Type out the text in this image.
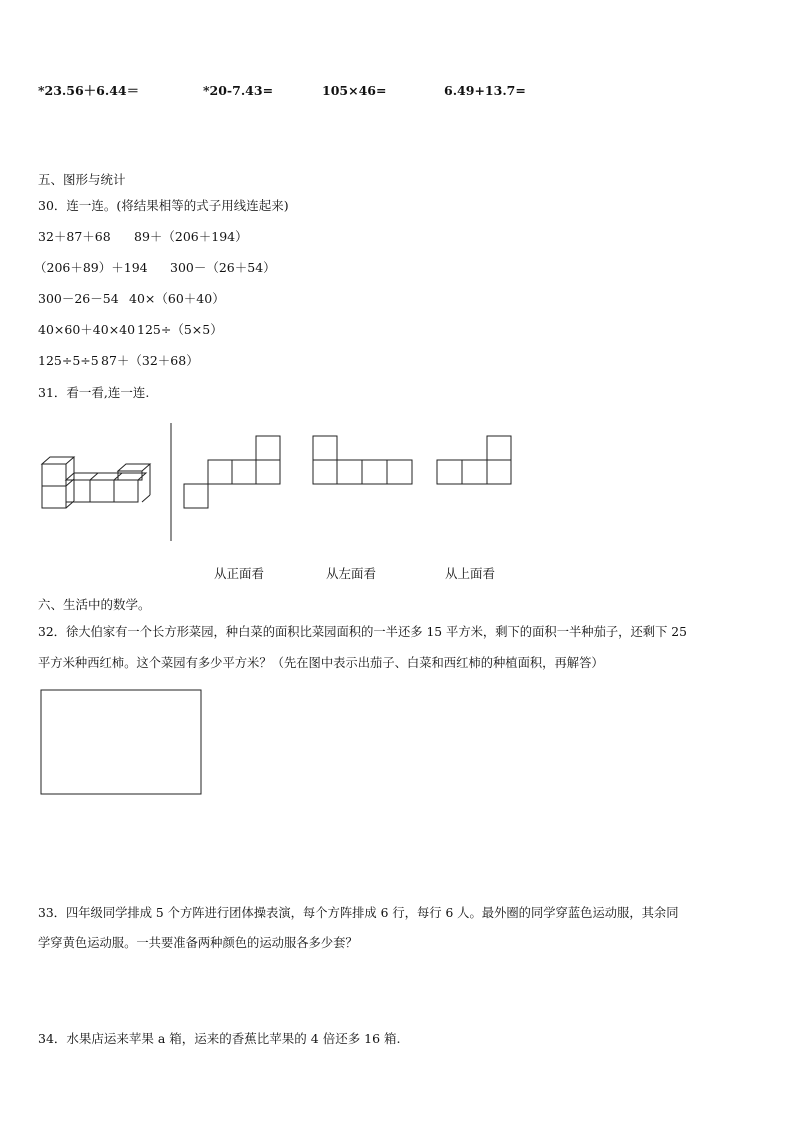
*23.56＋6.44＝	*20-7.43=	105×46=	6.49+13.7=
五、图形与统计
30．连一连。(将结果相等的式子用线连起来)
32＋87＋68 89＋（206＋194）
（206＋89）＋194 300－（26＋54）
300－26－54 40×（60＋40）
40×60＋40×40 125÷（5×5）
125÷5÷5 87＋（32＋68）
31．看一看,连一连.
从正面看	从左面看	从上面看
六、生活中的数学。
32．徐大伯家有一个长方形菜园，种白菜的面积比菜园面积的一半还多 15 平方米，剩下的面积一半种茄子，还剩下 25
平方米种西红柿。这个菜园有多少平方米？（先在图中表示出茄子、白菜和西红柿的种植面积，再解答）
33．四年级同学排成 5 个方阵进行团体操表演，每个方阵排成 6 行，每行 6 人。最外圈的同学穿蓝色运动服，其余同
学穿黄色运动服。一共要准备两种颜色的运动服各多少套？
34．水果店运来苹果 a 箱，运来的香蕉比苹果的 4 倍还多 16 箱.
